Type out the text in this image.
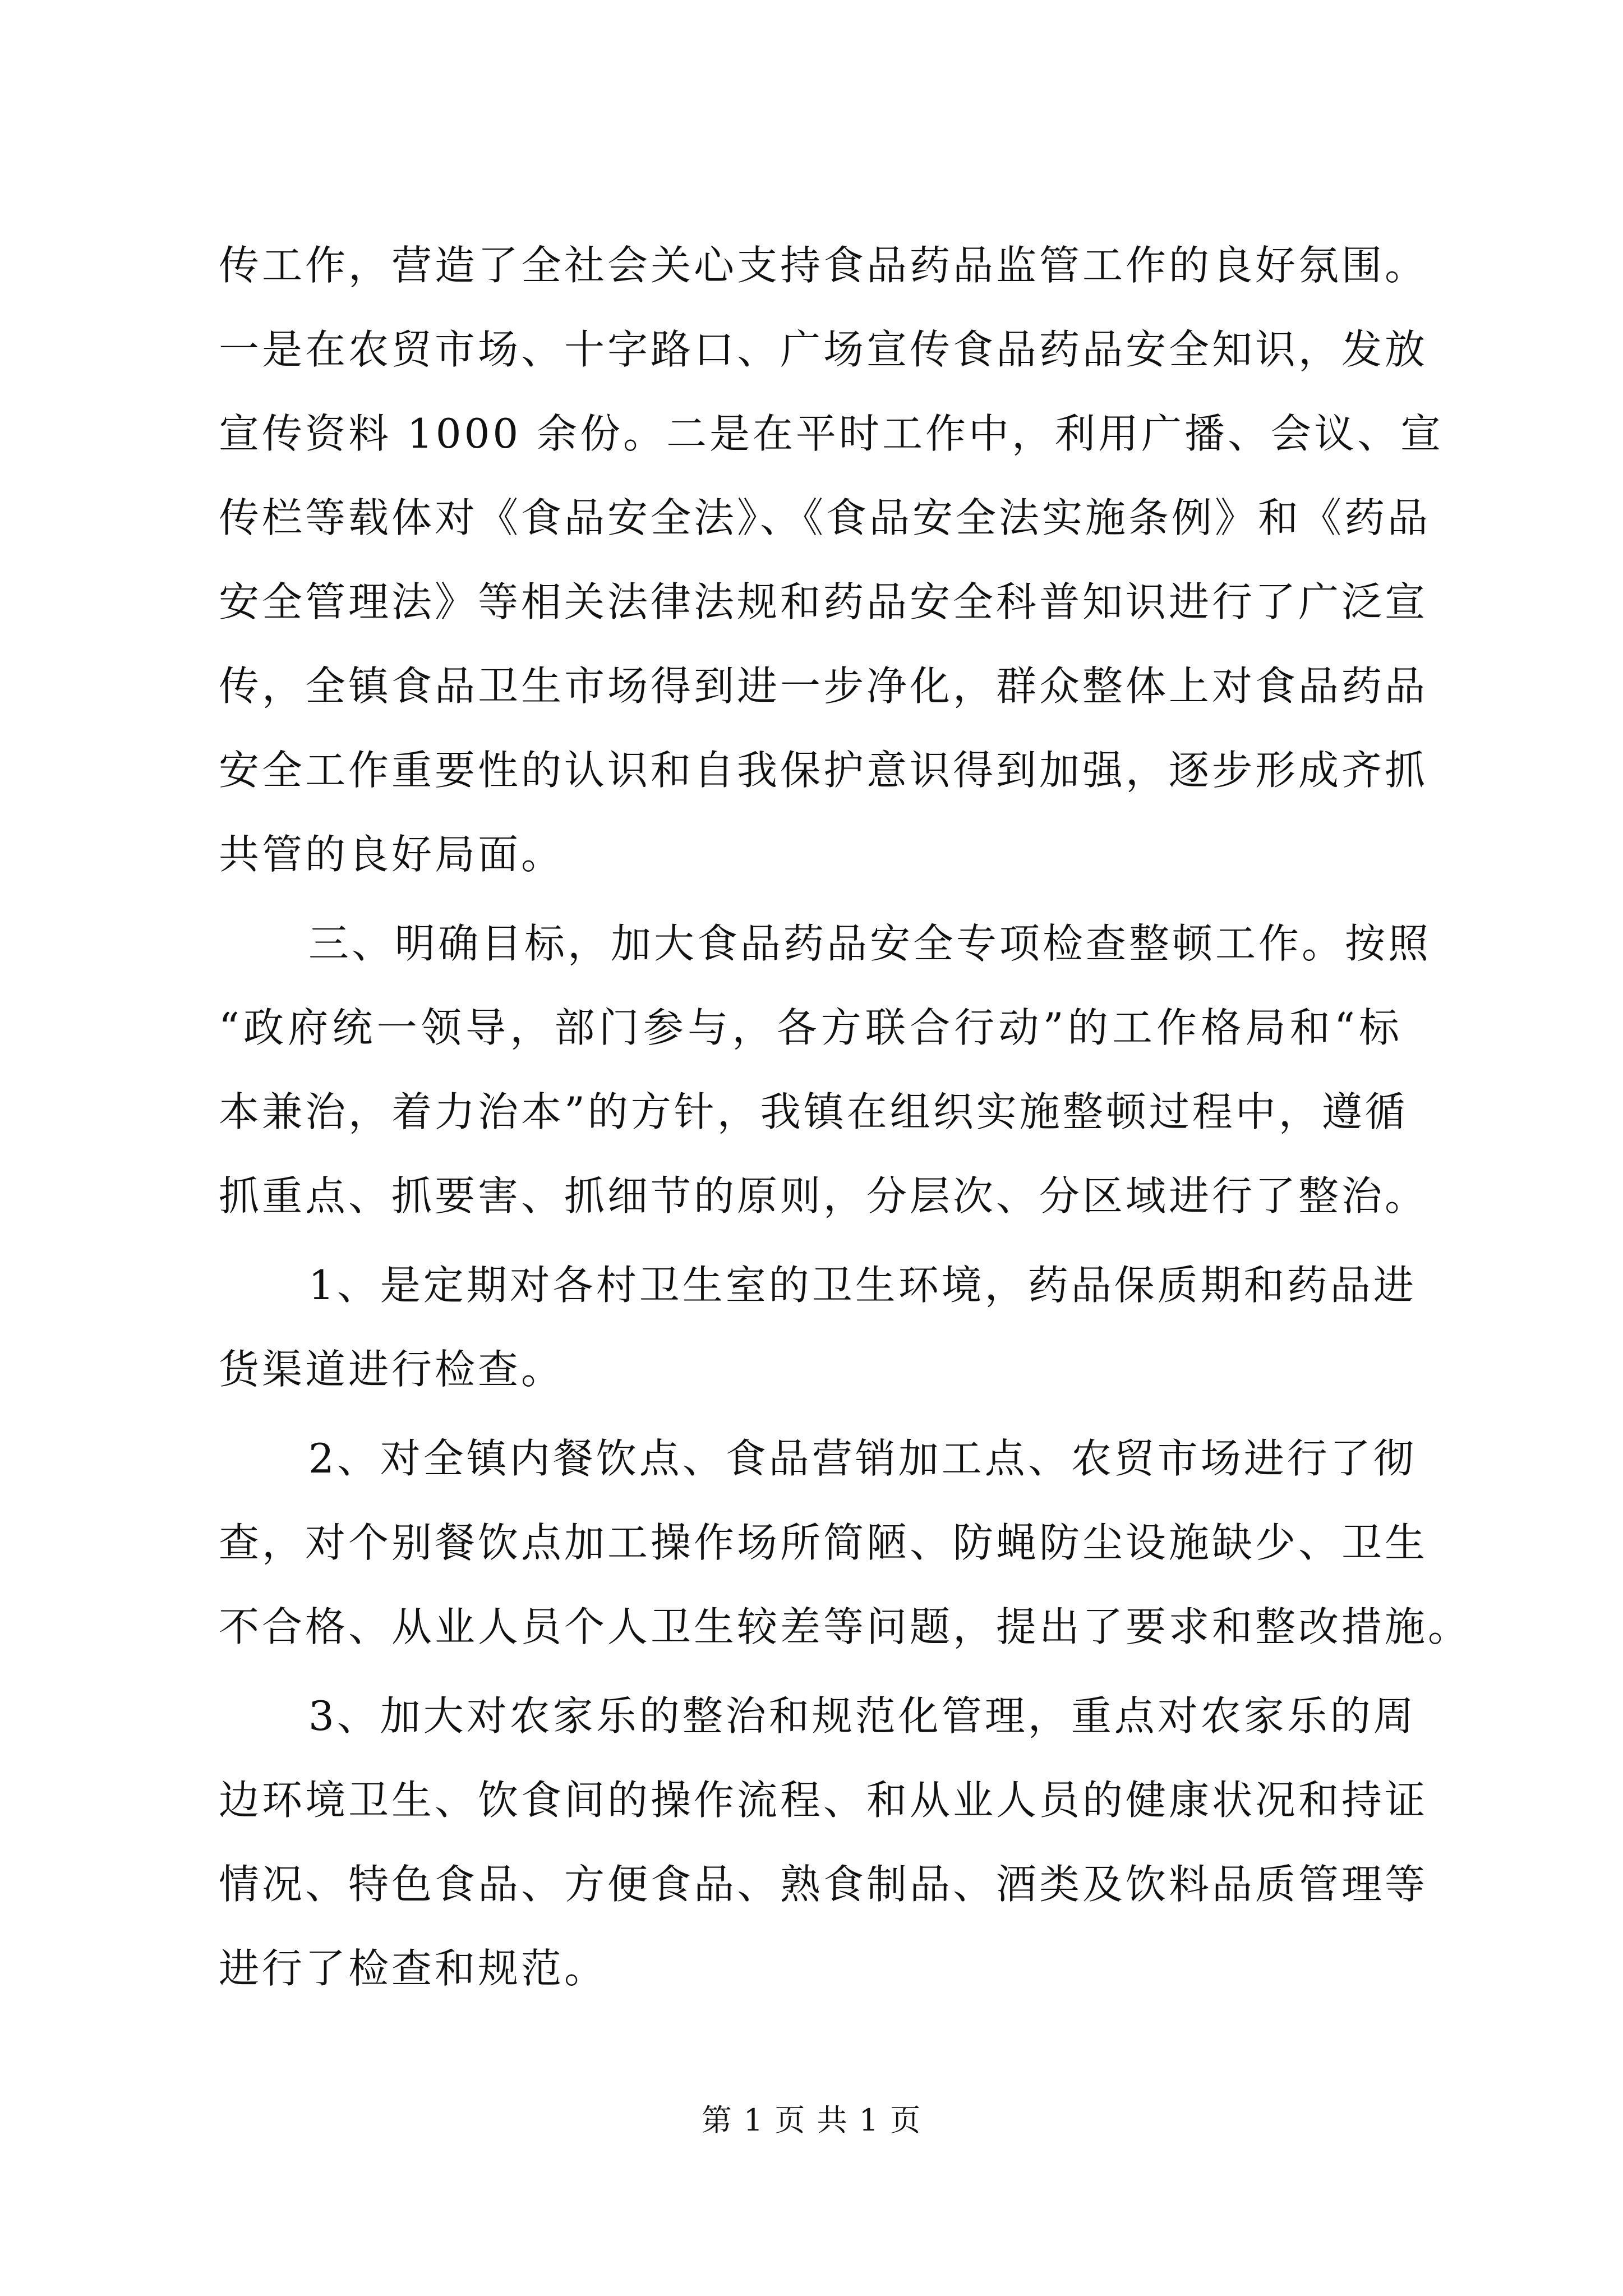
传工作，营造了全社会关心支持食品药品监管工作的良好氛围。
一是在农贸市场、十字路口、广场宣传食品药品安全知识，发放
宣传资料 1000 余份。二是在平时工作中，利用广播、会议、宣
传栏等载体对《食品安全法》、《食品安全法实施条例》和《药品
安全管理法》等相关法律法规和药品安全科普知识进行了广泛宣
传，全镇食品卫生市场得到进一步净化，群众整体上对食品药品
安全工作重要性的认识和自我保护意识得到加强，逐步形成齐抓
共管的良好局面。
三、明确目标，加大食品药品安全专项检查整顿工作。按照
“政府统一领导，部门参与，各方联合行动”的工作格局和“标
本兼治，着力治本”的方针，我镇在组织实施整顿过程中，遵循
抓重点、抓要害、抓细节的原则，分层次、分区域进行了整治。
1、是定期对各村卫生室的卫生环境，药品保质期和药品进
货渠道进行检查。
2、对全镇内餐饮点、食品营销加工点、农贸市场进行了彻
查，对个别餐饮点加工操作场所简陋、防蝇防尘设施缺少、卫生
不合格、从业人员个人卫生较差等问题，提出了要求和整改措施。
3、加大对农家乐的整治和规范化管理，重点对农家乐的周
边环境卫生、饮食间的操作流程、和从业人员的健康状况和持证
情况、特色食品、方便食品、熟食制品、酒类及饮料品质管理等
进行了检查和规范。
第 1 页 共 1 页
